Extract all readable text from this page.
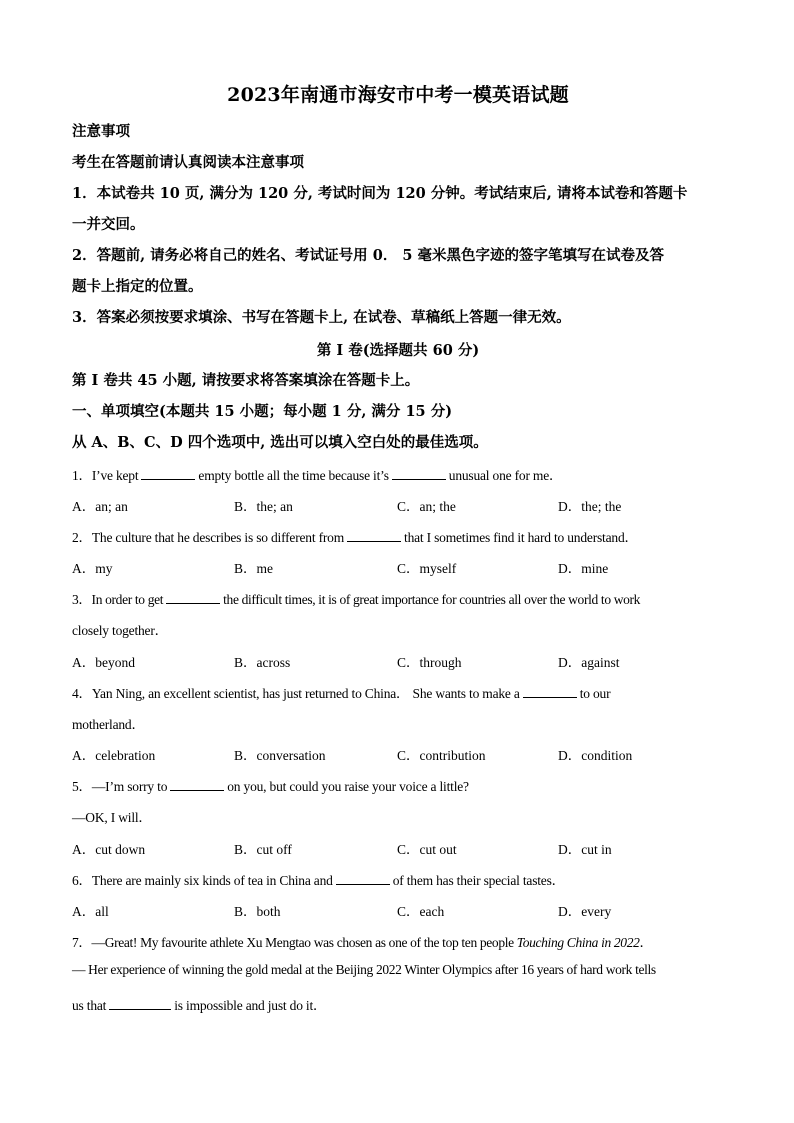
2023年南通市海安市中考一模英语试题
注意事项
考生在答题前请认真阅读本注意事项
1．本试卷共 10 页, 满分为 120 分, 考试时间为 120 分钟。考试结束后, 请将本试卷和答题卡
一并交回。
2．答题前, 请务必将自己的姓名、考试证号用 0． 5 毫米黑色字迹的签字笔填写在试卷及答
题卡上指定的位置。
3．答案必须按要求填涂、书写在答题卡上, 在试卷、草稿纸上答题一律无效。
第 I 卷(选择题共 60 分)
第 I 卷共 45 小题, 请按要求将答案填涂在答题卡上。
一、单项填空(本题共 15 小题；每小题 1 分, 满分 15 分)
从 A、B、C、D 四个选项中, 选出可以填入空白处的最佳选项。
1．I’ve kept	empty bottle all the time because it’s	unusual one for me．
A．an; an	B．the; an	C．an; the	D．the; the
2．The culture that he describes is so different from	that I sometimes find it hard to understand．
A．my	B．me	C．myself	D．mine
3．In order to get	the difficult times, it is of great importance for countries all over the world to work
closely together．
A．beyond	B．across	C．through	D．against
4．Yan Ning, an excellent scientist, has just returned to China． She wants to make a	to our
motherland．
A．celebration	B．conversation	C．contribution	D．condition
5．—I’m sorry to	on you, but could you raise your voice a little?
—OK, I will．
A．cut down	B．cut off	C．cut out	D．cut in
6．There are mainly six kinds of tea in China and	of them has their special tastes．
A．all	B．both	C．each	D．every
7．—Great! My favourite athlete Xu Mengtao was chosen as one of the top ten people Touching China in 2022．
— Her experience of winning the gold medal at the Beijing 2022 Winter Olympics after 16 years of hard work tells
us that	is impossible and just do it．
